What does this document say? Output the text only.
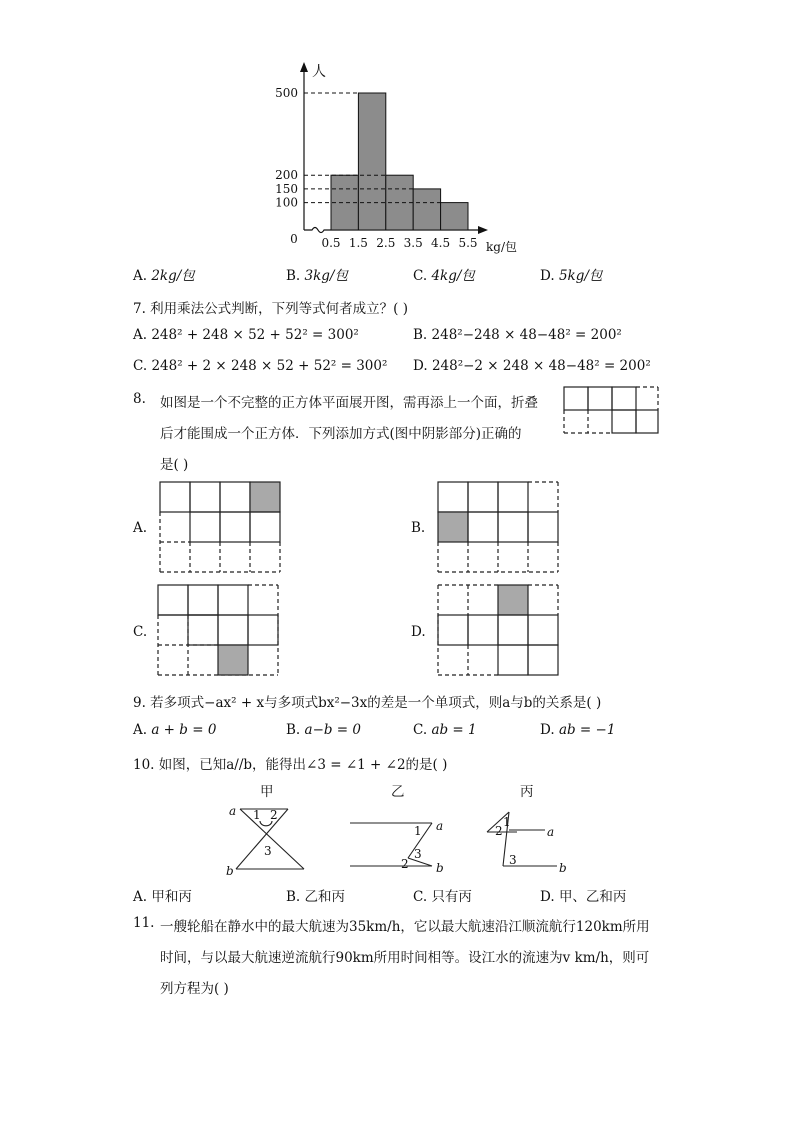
100
150
200
500
0.5 1.5 2.5 3.5 4.5 5.5
0
人
kg/包
A. 2kg/包	B. 3kg/包	C. 4kg/包	D. 5kg/包
7. 利用乘法公式判断，下列等式何者成立？( )
A. 248² + 248 × 52 + 52² = 300²	B. 248²−248 × 48−48² = 200²
C. 248² + 2 × 248 × 52 + 52² = 300² D. 248²−2 × 248 × 48−48² = 200²
8. 如图是一个不完整的正方体平面展开图，需再添上一个面，折叠
后才能围成一个正方体．下列添加方式(图中阴影部分)正确的
是( )
A.	B.
C.	D.
9. 若多项式−ax² + x与多项式bx²−3x的差是一个单项式，则a与b的关系是( )
A. a + b = 0	B. a−b = 0	C. ab = 1	D. ab = −1
10. 如图，已知a//b，能得出∠3 = ∠1 + ∠2的是( )
甲	乙	丙
a 1 2
3
b
a
1
3
2 b
a
1
2
3
b
A. 甲和丙	B. 乙和丙	C. 只有丙	D. 甲、乙和丙
11. 一艘轮船在静水中的最大航速为35km/h，它以最大航速沿江顺流航行120km所用
时间，与以最大航速逆流航行90km所用时间相等。设江水的流速为v km/h，则可
列方程为( )
